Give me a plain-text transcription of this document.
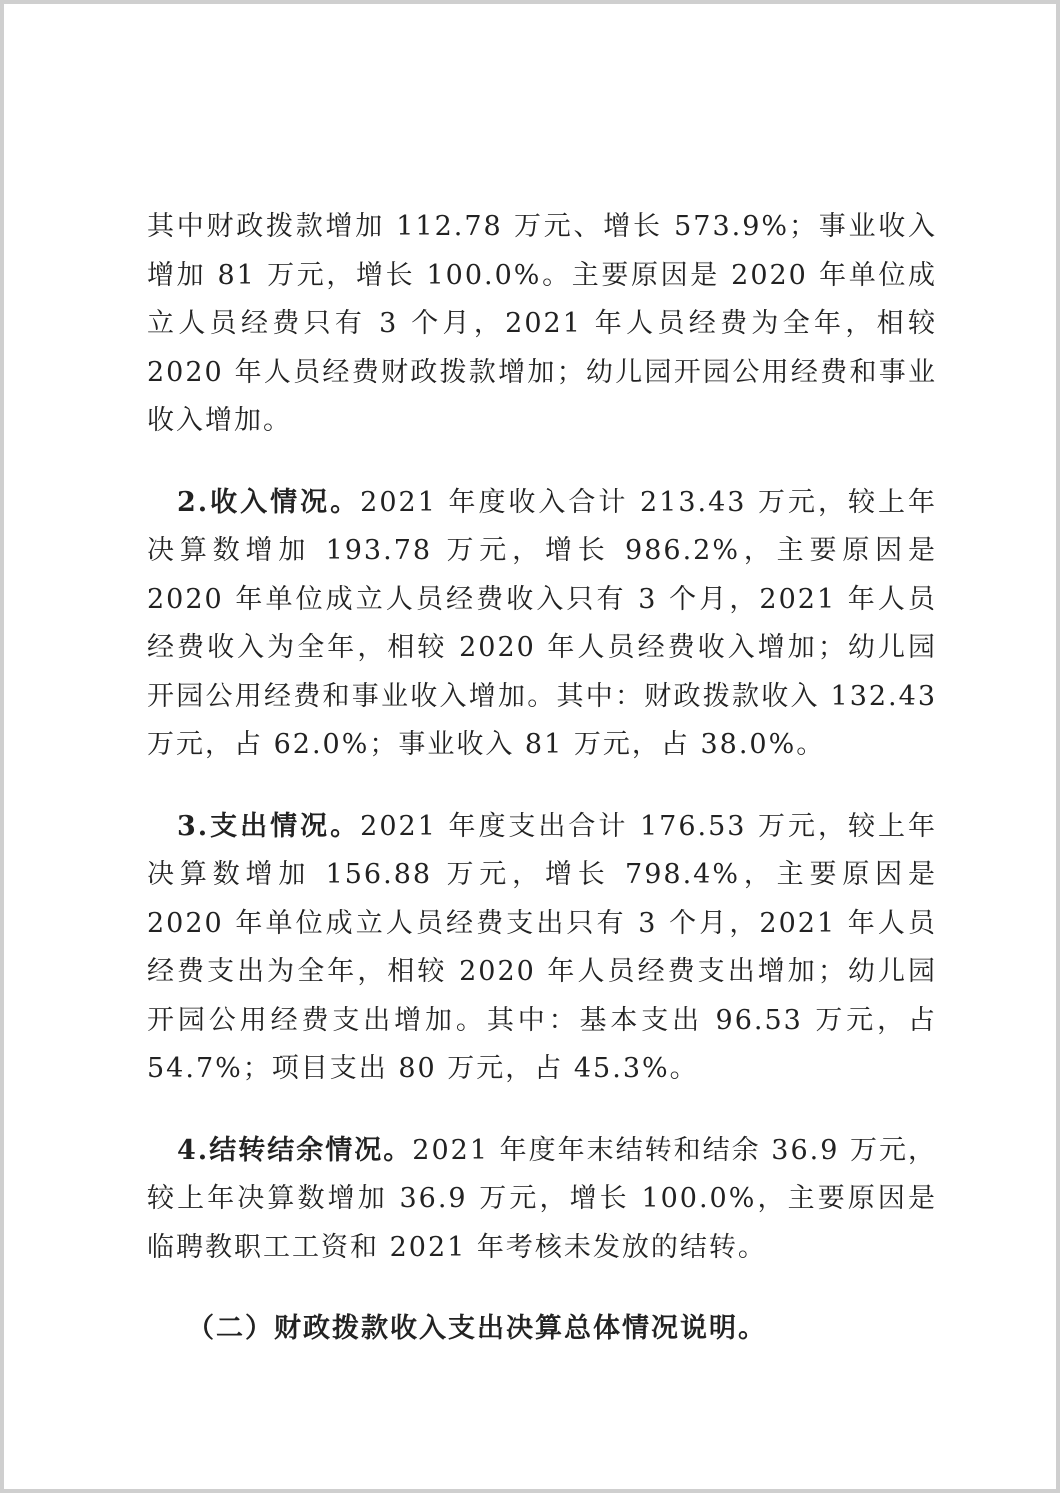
其中财政拨款增加 112.78 万元、增长 573.9%；事业收入增加 81 万元，增长 100.0%。主要原因是 2020 年单位成立人员经费只有 3 个月，2021 年人员经费为全年，相较 2020 年人员经费财政拨款增加；幼儿园开园公用经费和事业收入增加。

2.收入情况。2021 年度收入合计 213.43 万元，较上年决算数增加 193.78 万元，增长 986.2%，主要原因是 2020 年单位成立人员经费收入只有 3 个月，2021 年人员经费收入为全年，相较 2020 年人员经费收入增加；幼儿园开园公用经费和事业收入增加。其中：财政拨款收入 132.43 万元，占 62.0%；事业收入 81 万元，占 38.0%。

3.支出情况。2021 年度支出合计 176.53 万元，较上年决算数增加 156.88 万元，增长 798.4%，主要原因是 2020 年单位成立人员经费支出只有 3 个月，2021 年人员经费支出为全年，相较 2020 年人员经费支出增加；幼儿园开园公用经费支出增加。其中：基本支出 96.53 万元，占 54.7%；项目支出 80 万元，占 45.3%。

4.结转结余情况。2021 年度年末结转和结余 36.9 万元，较上年决算数增加 36.9 万元，增长 100.0%，主要原因是临聘教职工工资和 2021 年考核未发放的结转。

（二）财政拨款收入支出决算总体情况说明。
